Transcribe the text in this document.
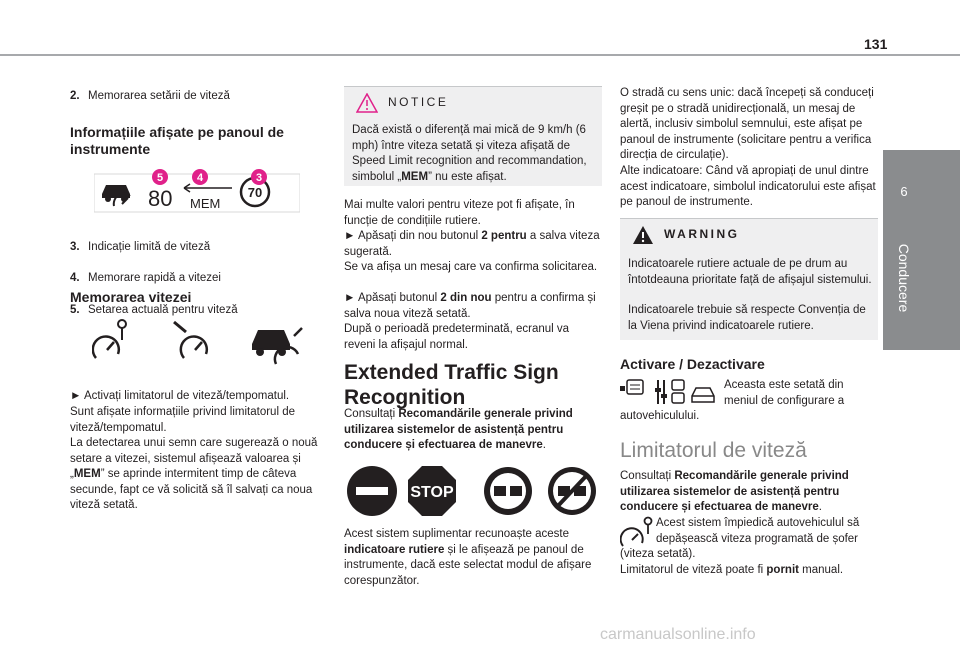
131
6
Conducere
2. Memorarea setării de viteză
Informațiile afișate pe panoul de instrumente
80 MEM
70
5	4	3
3. Indicație limită de viteză
4. Memorare rapidă a vitezei
5. Setarea actuală pentru viteză
Memorarea vitezei
► Activați limitatorul de viteză/tempomatul.
Sunt afișate informațiile privind limitatorul de viteză/tempomatul.
La detectarea unui semn care sugerează o nouă setare a vitezei, sistemul afișează valoarea și „MEM” se aprinde intermitent timp de câteva secunde, fapt ce vă solicită să îl salvați ca noua viteză setată.
NOTICE
Dacă există o diferență mai mică de 9 km/h (6 mph) între viteza setată și viteza afișată de Speed Limit recognition and recommandation, simbolul „MEM” nu este afișat.
Mai multe valori pentru viteze pot fi afișate, în funcție de condițiile rutiere.
► Apăsați din nou butonul 2 pentru a salva viteza sugerată.
Se va afișa un mesaj care va confirma solicitarea.
► Apăsați butonul 2 din nou pentru a confirma și salva noua viteză setată.
După o perioadă predeterminată, ecranul va reveni la afișajul normal.
Extended Traffic Sign Recognition
Consultați Recomandările generale privind utilizarea sistemelor de asistență pentru conducere și efectuarea de manevre.
STOP
Acest sistem suplimentar recunoaște aceste indicatoare rutiere și le afișează pe panoul de instrumente, dacă este selectat modul de afișare corespunzător.
O stradă cu sens unic: dacă începeți să conduceți greșit pe o stradă unidirecțională, un mesaj de alertă, inclusiv simbolul semnului, este afișat pe panoul de instrumente (solicitare pentru a verifica direcția de circulație).
Alte indicatoare: Când vă apropiați de unul dintre acest indicatoare, simbolul indicatorului este afișat pe panoul de instrumente.
WARNING
Indicatoarele rutiere actuale de pe drum au întotdeauna prioritate față de afișajul sistemului.
Indicatoarele trebuie să respecte Convenția de la Viena privind indicatoarele rutiere.
Activare / Dezactivare
Aceasta este setată din meniul de configurare a
autovehiculului.
Limitatorul de viteză
Consultați Recomandările generale privind utilizarea sistemelor de asistență pentru conducere și efectuarea de manevre.
Acest sistem împiedică autovehiculul să depășească viteza programată de șofer
(viteza setată).
Limitatorul de viteză poate fi pornit manual.
carmanualsonline.info
